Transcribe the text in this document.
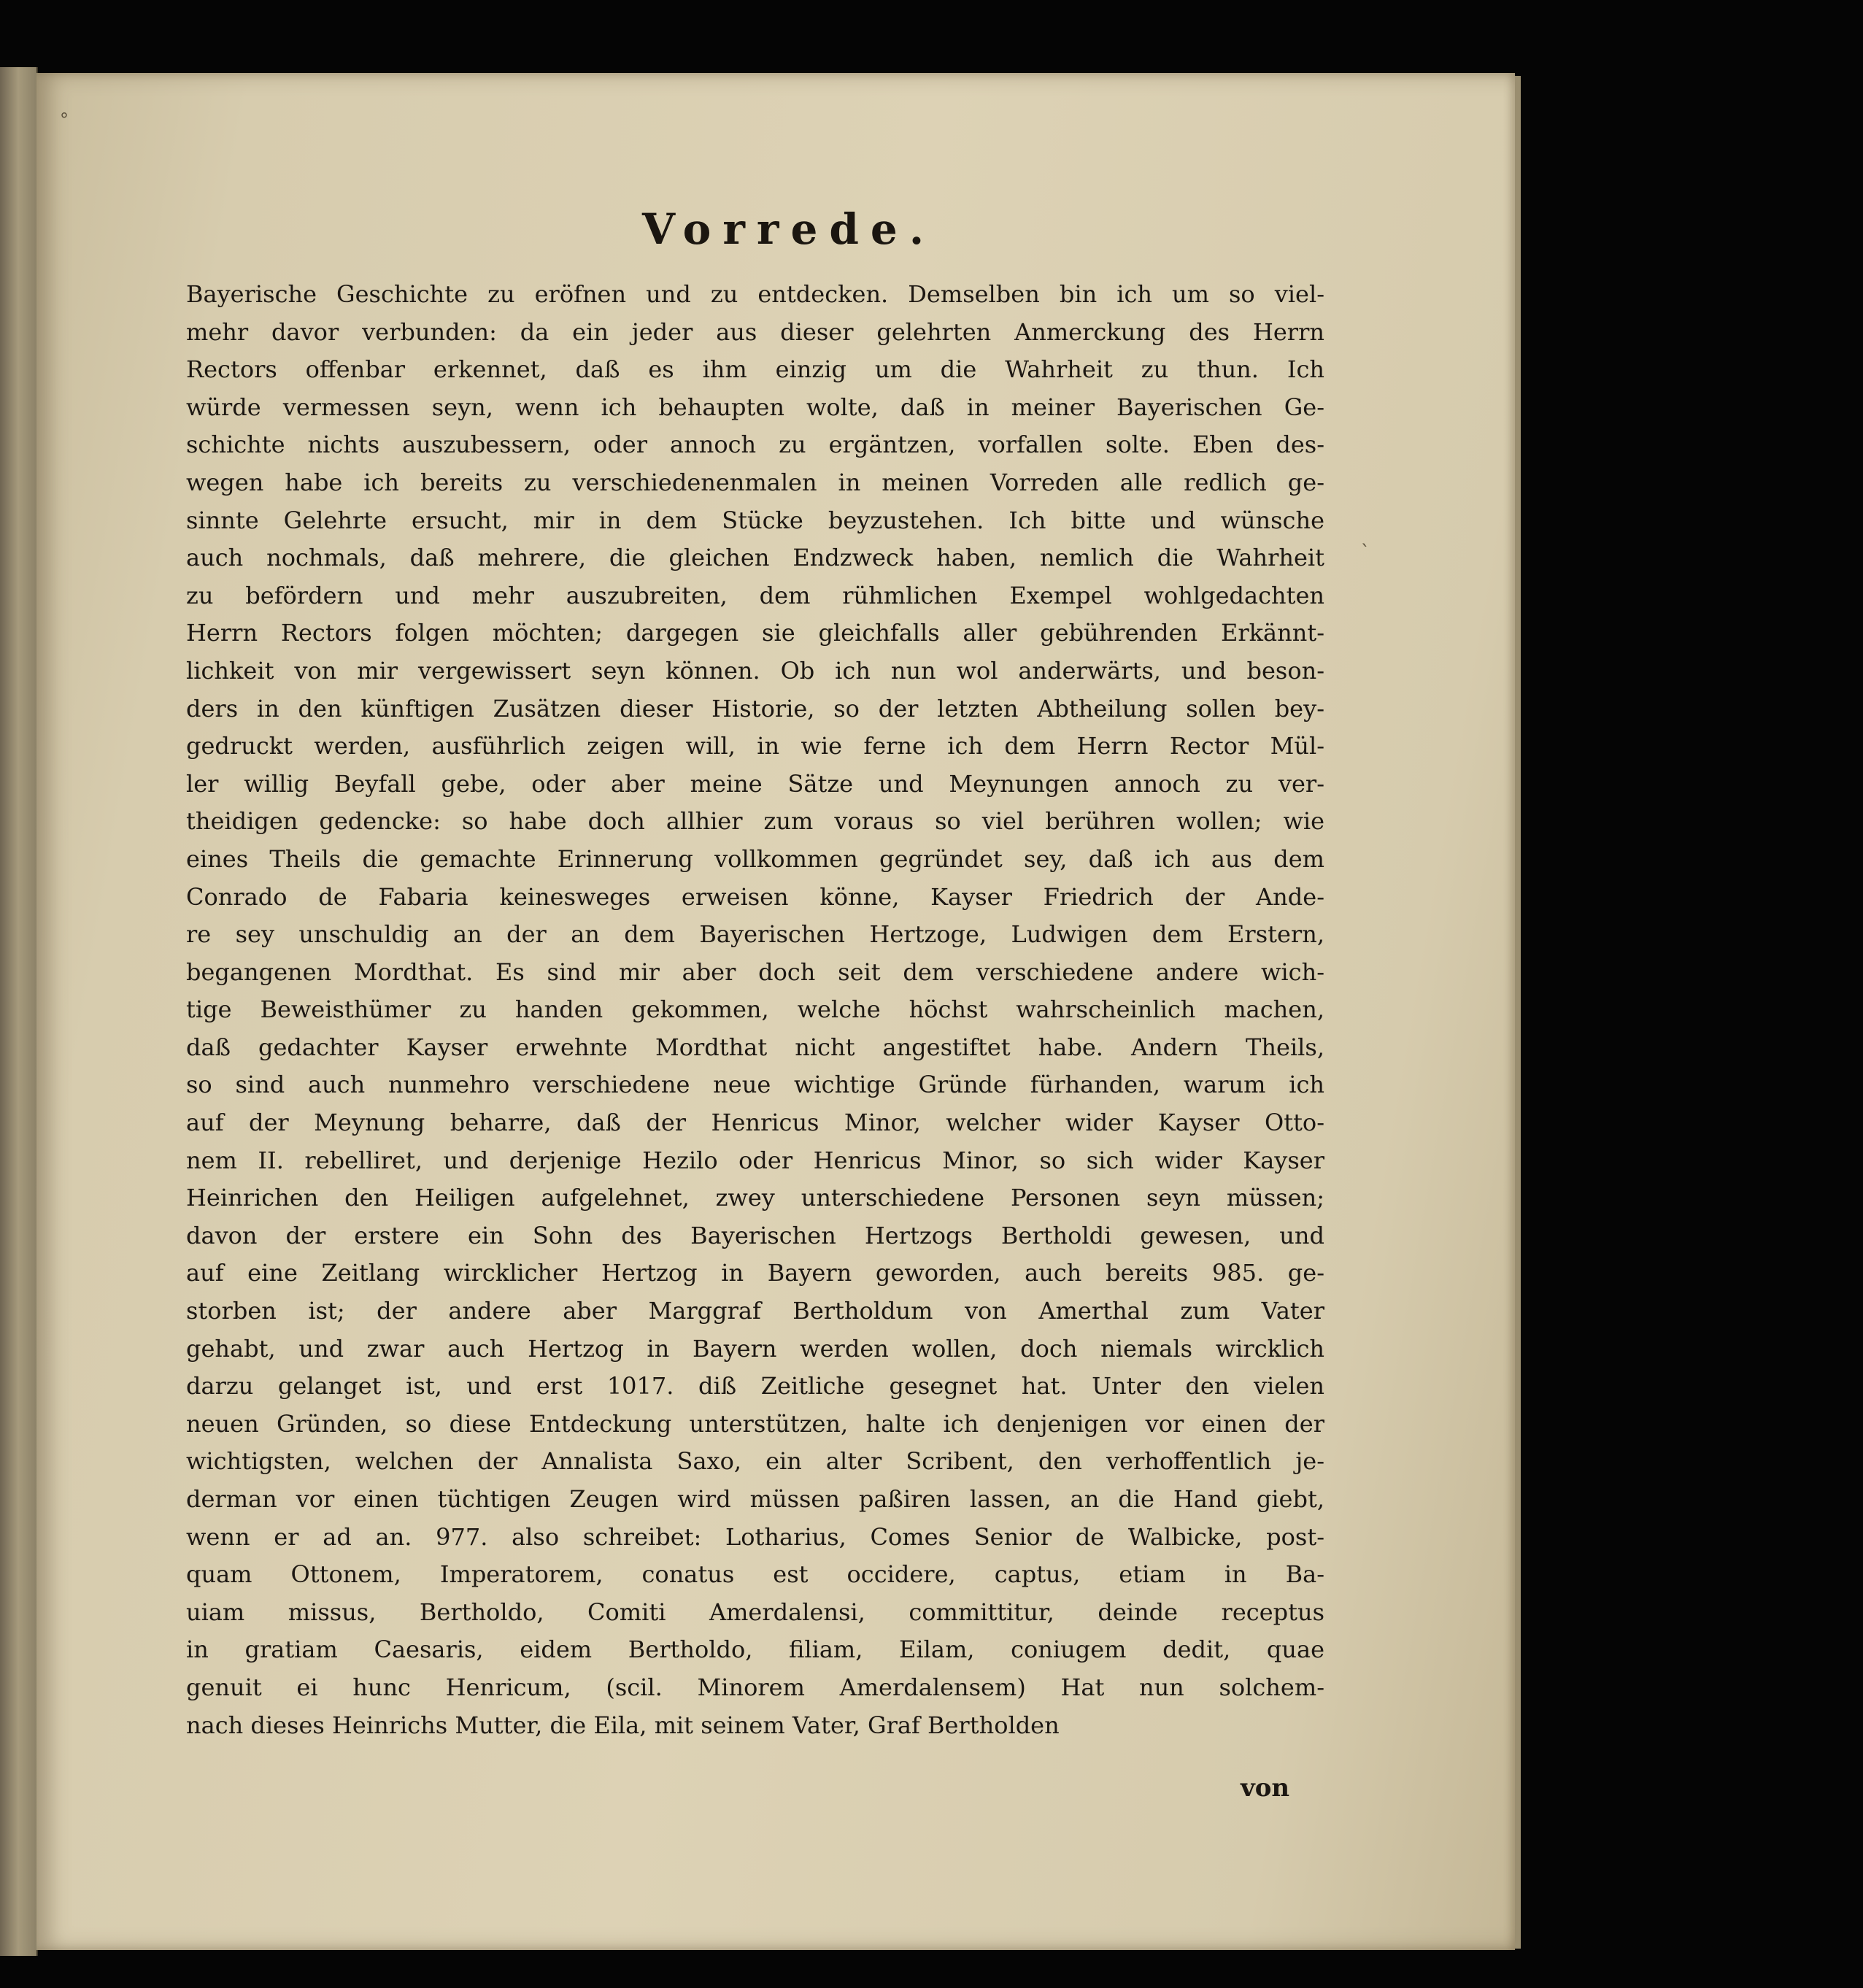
°
`
Vorrede.
Bayerische Geschichte zu eröfnen und zu entdecken. Demselben bin ich um so viel-
mehr davor verbunden: da ein jeder aus dieser gelehrten Anmerckung des Herrn
Rectors offenbar erkennet, daß es ihm einzig um die Wahrheit zu thun. Ich
würde vermessen seyn, wenn ich behaupten wolte, daß in meiner Bayerischen Ge-
schichte nichts auszubessern, oder annoch zu ergäntzen, vorfallen solte. Eben des-
wegen habe ich bereits zu verschiedenenmalen in meinen Vorreden alle redlich ge-
sinnte Gelehrte ersucht, mir in dem Stücke beyzustehen. Ich bitte und wünsche
auch nochmals, daß mehrere, die gleichen Endzweck haben, nemlich die Wahrheit
zu befördern und mehr auszubreiten, dem rühmlichen Exempel wohlgedachten
Herrn Rectors folgen möchten; dargegen sie gleichfalls aller gebührenden Erkännt-
lichkeit von mir vergewissert seyn können. Ob ich nun wol anderwärts, und beson-
ders in den künftigen Zusätzen dieser Historie, so der letzten Abtheilung sollen bey-
gedruckt werden, ausführlich zeigen will, in wie ferne ich dem Herrn Rector Mül-
ler willig Beyfall gebe, oder aber meine Sätze und Meynungen annoch zu ver-
theidigen gedencke: so habe doch allhier zum voraus so viel berühren wollen; wie
eines Theils die gemachte Erinnerung vollkommen gegründet sey, daß ich aus dem
Conrado de Fabaria keinesweges erweisen könne, Kayser Friedrich der Ande-
re sey unschuldig an der an dem Bayerischen Hertzoge, Ludwigen dem Erstern,
begangenen Mordthat. Es sind mir aber doch seit dem verschiedene andere wich-
tige Beweisthümer zu handen gekommen, welche höchst wahrscheinlich machen,
daß gedachter Kayser erwehnte Mordthat nicht angestiftet habe. Andern Theils,
so sind auch nunmehro verschiedene neue wichtige Gründe fürhanden, warum ich
auf der Meynung beharre, daß der Henricus Minor, welcher wider Kayser Otto-
nem II. rebelliret, und derjenige Hezilo oder Henricus Minor, so sich wider Kayser
Heinrichen den Heiligen aufgelehnet, zwey unterschiedene Personen seyn müssen;
davon der erstere ein Sohn des Bayerischen Hertzogs Bertholdi gewesen, und
auf eine Zeitlang wircklicher Hertzog in Bayern geworden, auch bereits 985. ge-
storben ist; der andere aber Marggraf Bertholdum von Amerthal zum Vater
gehabt, und zwar auch Hertzog in Bayern werden wollen, doch niemals wircklich
darzu gelanget ist, und erst 1017. diß Zeitliche gesegnet hat. Unter den vielen
neuen Gründen, so diese Entdeckung unterstützen, halte ich denjenigen vor einen der
wichtigsten, welchen der Annalista Saxo, ein alter Scribent, den verhoffentlich je-
derman vor einen tüchtigen Zeugen wird müssen paßiren lassen, an die Hand giebt,
wenn er ad an. 977. also schreibet: Lotharius, Comes Senior de Walbicke, post-
quam Ottonem, Imperatorem, conatus est occidere, captus, etiam in Ba-
uiam missus, Bertholdo, Comiti Amerdalensi, committitur, deinde receptus
in gratiam Caesaris, eidem Bertholdo, filiam, Eilam, coniugem dedit, quae
genuit ei hunc Henricum, (scil. Minorem Amerdalensem) Hat nun solchem-
nach dieses Heinrichs Mutter, die Eila, mit seinem Vater, Graf Bertholden
von
